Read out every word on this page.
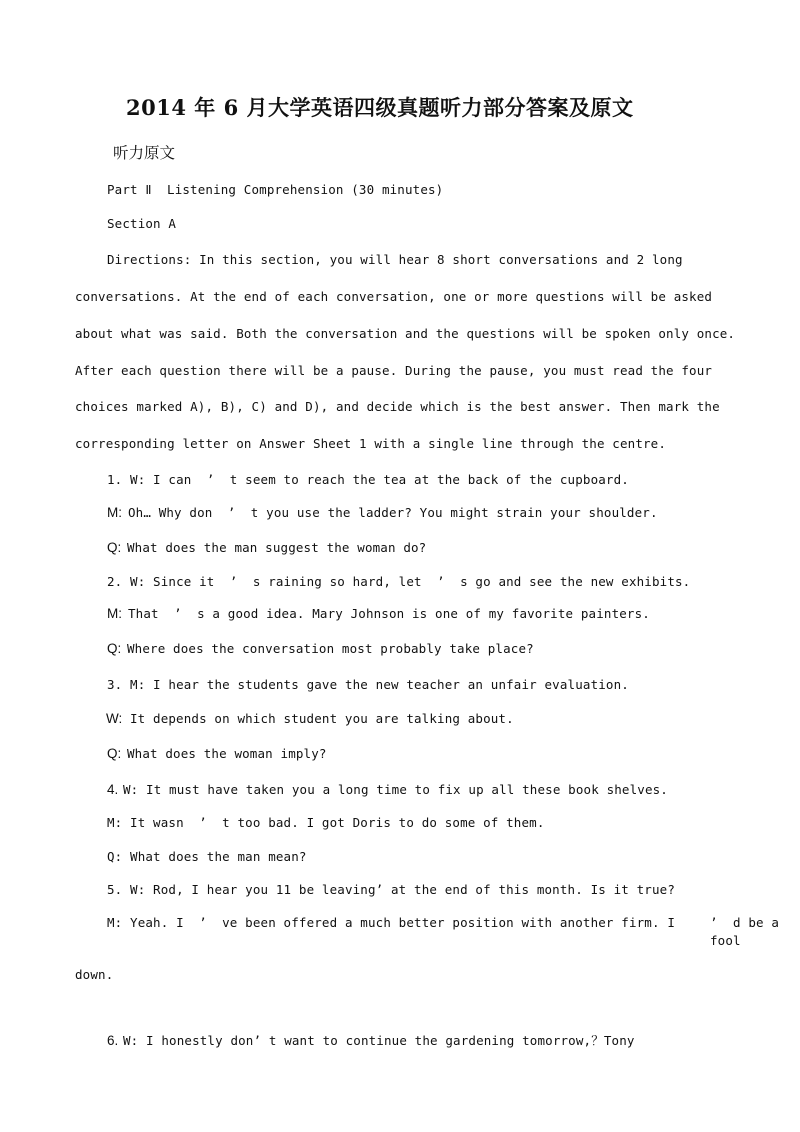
2014 年 6 月大学英语四级真题听力部分答案及原文
听力原文
Part Ⅱ  Listening Comprehension (30 minutes)
Section A
Directions: In this section, you will hear 8 short conversations and 2 long
conversations. At the end of each conversation, one or more questions will be asked
about what was said. Both the conversation and the questions will be spoken only once.
After each question there will be a pause. During the pause, you must read the four
choices marked A), B), C) and D), and decide which is the best answer. Then mark the
corresponding letter on Answer Sheet 1 with a single line through the centre.
1. W: I can  ’  t seem to reach the tea at the back of the cupboard.
M: Oh… Why don  ’  t you use the ladder? You might strain your shoulder.
Q: What does the man suggest the woman do?
2. W: Since it  ’  s raining so hard, let  ’  s go and see the new exhibits.
M: That  ’  s a good idea. Mary Johnson is one of my favorite painters.
Q: Where does the conversation most probably take place?
3. M: I hear the students gave the new teacher an unfair evaluation.
W: It depends on which student you are talking about.
Q: What does the woman imply?
4. W: It must have taken you a long time to fix up all these book shelves.
M: It wasn  ’  t too bad. I got Doris to do some of them.
Q: What does the man mean?
5. W: Rod, I hear you 11 be leaving’ at the end of this month. Is it true?
M: Yeah. I  ’  ve been offered a much better position with another firm. I	’  d be a
fool
down.
6. W: I honestly don’ t want to continue the gardening tomorrow,？Tony
